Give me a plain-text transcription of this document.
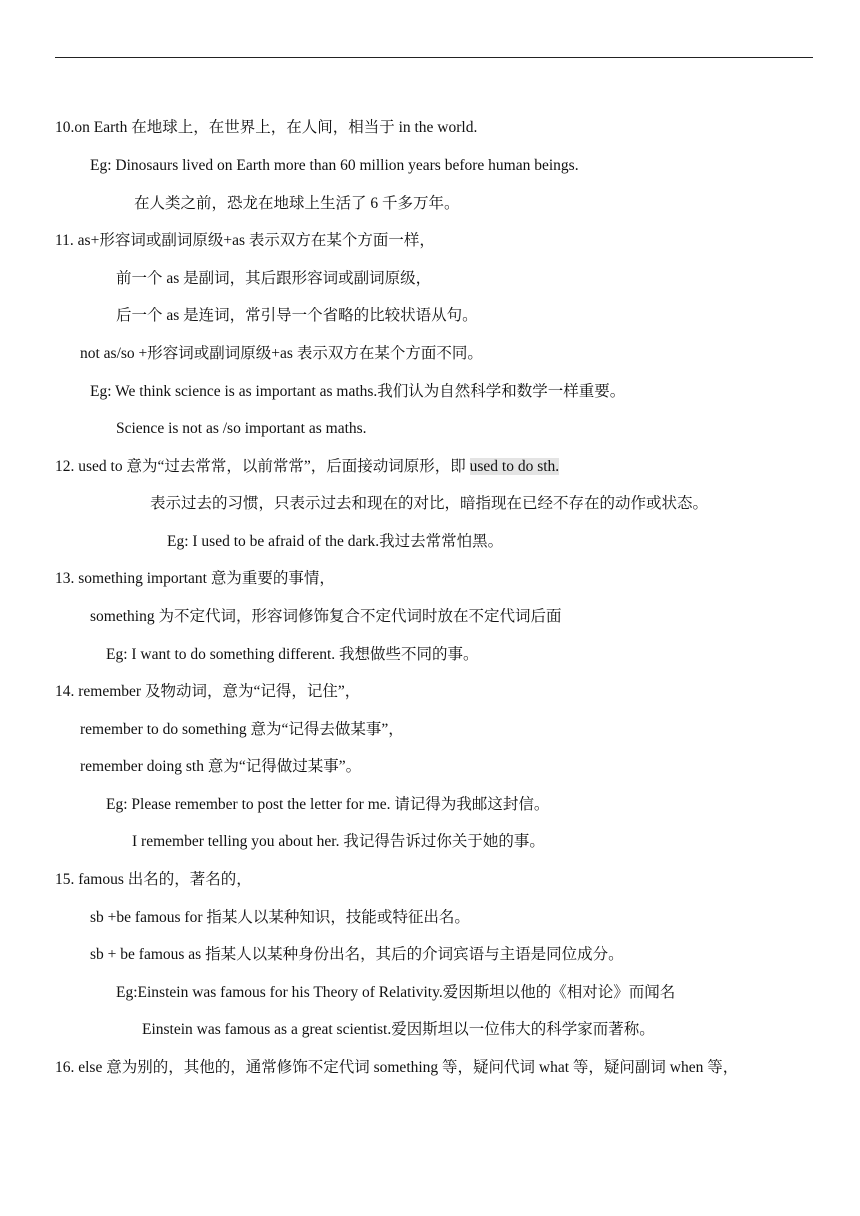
10.on Earth 在地球上，在世界上，在人间，相当于 in the world.
Eg: Dinosaurs lived on Earth more than 60 million years before human beings.
在人类之前，恐龙在地球上生活了 6 千多万年。
11. as+形容词或副词原级+as 表示双方在某个方面一样，
前一个 as 是副词，其后跟形容词或副词原级，
后一个 as 是连词，常引导一个省略的比较状语从句。
not as/so +形容词或副词原级+as 表示双方在某个方面不同。
Eg: We think science is as important as maths.我们认为自然科学和数学一样重要。
Science is not as /so important as maths.
12. used to 意为“过去常常，以前常常”，后面接动词原形，即 used to do sth.
表示过去的习惯，只表示过去和现在的对比，暗指现在已经不存在的动作或状态。
Eg: I used to be afraid of the dark.我过去常常怕黑。
13. something important 意为重要的事情，
something 为不定代词，形容词修饰复合不定代词时放在不定代词后面
Eg: I want to do something different. 我想做些不同的事。
14. remember 及物动词，意为“记得，记住”，
remember to do something 意为“记得去做某事”，
remember doing sth 意为“记得做过某事”。
Eg: Please remember to post the letter for me. 请记得为我邮这封信。
I remember telling you about her. 我记得告诉过你关于她的事。
15. famous 出名的，著名的，
sb +be famous for 指某人以某种知识，技能或特征出名。
sb + be famous as 指某人以某种身份出名，其后的介词宾语与主语是同位成分。
Eg:Einstein was famous for his Theory of Relativity.爱因斯坦以他的《相对论》而闻名
Einstein was famous as a great scientist.爱因斯坦以一位伟大的科学家而著称。
16. else 意为别的，其他的，通常修饰不定代词 something 等，疑问代词 what 等，疑问副词 when 等，
